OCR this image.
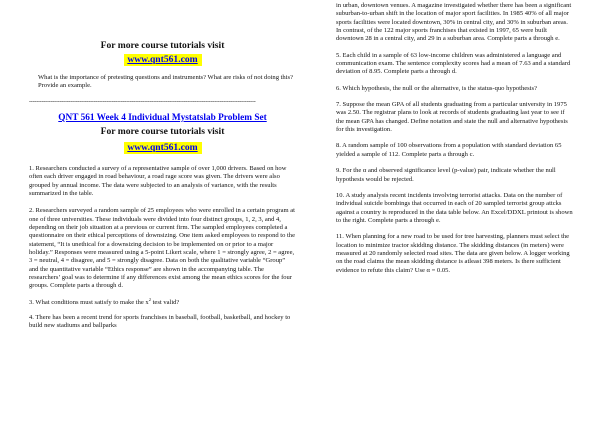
For more course tutorials visit
www.qnt561.com

What is the importance of pretesting questions and instruments? What are risks of not doing this? Provide an example.

------------------------------------------------------------------------------------------------------------------------------
QNT 561 Week 4 Individual Mystatslab Problem Set
For more course tutorials visit
www.qnt561.com

1. Researchers conducted a survey of a representative sample of over 1,000 drivers. Based on how often each driver engaged in road behaviour, a road rage score was given. The drivers were also grouped by annual income. The data were subjected to an analysis of variance, with the results summarized in the table.

2. Researchers surveyed a random sample of 25 employees who were enrolled in a certain program at one of three universities. These individuals were divided into four distinct groups, 1, 2, 3, and 4, depending on their job situation at a previous or current firm. The sampled employees completed a questionnaire on their ethical perceptions of downsizing. One item asked employees to respond to the statement, “It is unethical for a downsizing decision to be implemented on or prior to a major holiday.” Responses were measured using a 5-point Likert scale, where 1 = strongly agree, 2 = agree, 3 = neutral, 4 = disagree, and 5 = strongly disagree. Data on both the qualitative variable “Group” and the quantitative variable “Ethics response” are shown in the accompanying table. The researchers’ goal was to determine if any differences exist among the mean ethics scores for the four groups. Complete parts a through d.

3. What conditions must satisfy to make the $x^2$ test valid?

4. There has been a recent trend for sports franchises in baseball, football, basketball, and hockey to build new stadiums and ballparks

in urban, downtown venues. A magazine investigated whether there has been a significant suburban-to-urban shift in the location of major sport facilities. In 1985 40% of all major sports facilities were located downtown, 30% in central city, and 30% in suburban areas. In contrast, of the 122 major sports franchises that existed in 1997, 65 were built downtown 28 in a central city, and 29 in a suburban area. Complete parts a through e.

5. Each child in a sample of 63 low-income children was administered a language and communication exam. The sentence complexity scores had a mean of 7.63 and a standard deviation of 8.95. Complete parts a through d.

6. Which hypothesis, the null or the alternative, is the status-quo hypothesis?

7. Suppose the mean GPA of all students graduating from a particular university in 1975 was 2.50. The registrar plans to look at records of students graduating last year to see if the mean GPA has changed. Define notation and state the null and alternative hypothesis for this investigation.

8. A random sample of 100 observations from a population with standard deviation 65 yielded a sample of 112. Complete parts a through c.

9. For the α and observed significance level (p-value) pair, indicate whether the null hypothesis would be rejected.

10. A study analysis recent incidents involving terrorist attacks. Data on the number of individual suicide bombings that occurred in each of 20 sampled terrorist group attcks against a country is reproduced in the data table below. An Excel/DDXL printout is shown to the right. Complete parts a through e.

11. When planning for a new road to be used for tree harvesting, planners must select the location to minimize tractor skidding distance. The skidding distances (in meters) were measured at 20 randomly selected road sites. The data are given below. A logger working on the road claims the mean skidding distance is atleast 398 meters. Is there sufficient evidence to refute this claim? Use α = 0.05.
